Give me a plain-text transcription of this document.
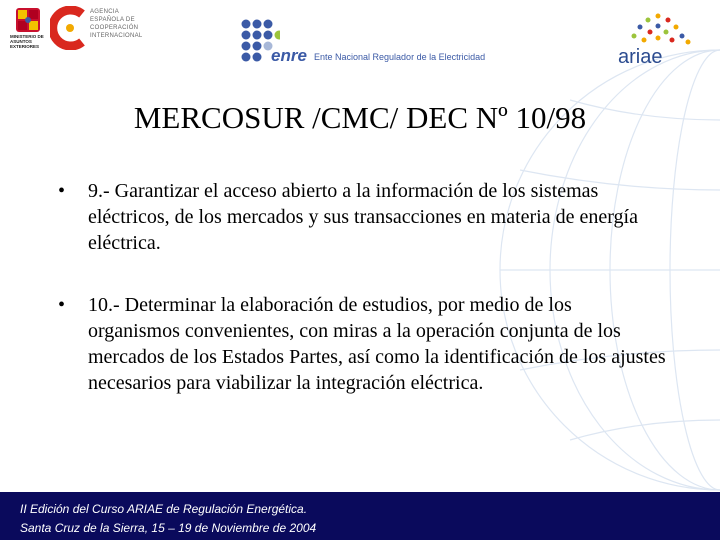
MINISTERIO DE ASUNTOS EXTERIORES
AGENCIA
ESPAÑOLA DE
COOPERACIÓN
INTERNACIONAL
enre Ente Nacional Regulador de la Electricidad	ariae
MERCOSUR /CMC/ DEC Nº 10/98
• 9.- Garantizar el acceso abierto a la información de los sistemas eléctricos, de los mercados y sus transacciones en materia de energía eléctrica.
• 10.- Determinar la elaboración de estudios, por medio de los organismos convenientes, con miras a la operación conjunta de los mercados de los Estados Partes, así como la identificación de los ajustes necesarios para viabilizar la integración eléctrica.
II Edición del Curso ARIAE de Regulación Energética.
Santa Cruz de la Sierra, 15 – 19 de Noviembre de 2004
